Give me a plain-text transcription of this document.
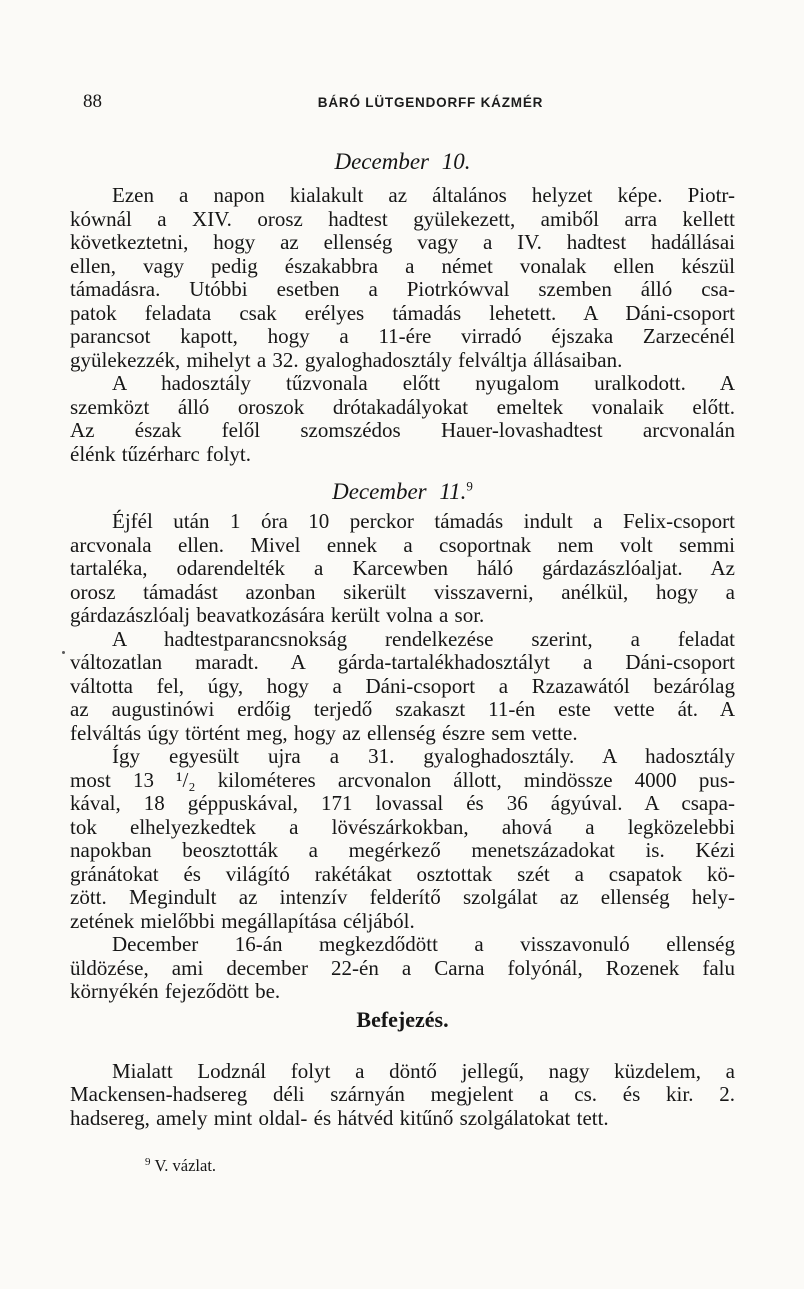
88	BÁRÓ LÜTGENDORFF KÁZMÉR
December 10.
Ezen a napon kialakult az általános helyzet képe. Piotr-
kównál a XIV. orosz hadtest gyülekezett, amiből arra kellett
következtetni, hogy az ellenség vagy a IV. hadtest hadállásai
ellen, vagy pedig északabbra a német vonalak ellen készül
támadásra. Utóbbi esetben a Piotrkówval szemben álló csa-
patok feladata csak erélyes támadás lehetett. A Dáni-csoport
parancsot kapott, hogy a 11-ére virradó éjszaka Zarzecénél
gyülekezzék, mihelyt a 32. gyaloghadosztály felváltja állásaiban.
A hadosztály tűzvonala előtt nyugalom uralkodott. A
szemközt álló oroszok drótakadályokat emeltek vonalaik előtt.
Az észak felől szomszédos Hauer-lovashadtest arcvonalán
élénk tűzérharc folyt.
December 11.$^9$
Éjfél után 1 óra 10 perckor támadás indult a Felix-csoport
arcvonala ellen. Mivel ennek a csoportnak nem volt semmi
tartaléka, odarendelték a Karcewben háló gárdazászlóaljat. Az
orosz támadást azonban sikerült visszaverni, anélkül, hogy a
gárdazászlóalj beavatkozására került volna a sor.
A hadtestparancsnokság rendelkezése szerint, a feladat
változatlan maradt. A gárda-tartalékhadosztályt a Dáni-csoport
váltotta fel, úgy, hogy a Dáni-csoport a Rzazawától bezárólag
az augustinówi erdőig terjedő szakaszt 11-én este vette át. A
felváltás úgy történt meg, hogy az ellenség észre sem vette.
Így egyesült ujra a 31. gyaloghadosztály. A hadosztály
most 13 ¹/₂ kilométeres arcvonalon állott, mindössze 4000 pus-
kával, 18 géppuskával, 171 lovassal és 36 ágyúval. A csapa-
tok elhelyezkedtek a lövészárkokban, ahová a legközelebbi
napokban beosztották a megérkező menetszázadokat is. Kézi
gránátokat és világító rakétákat osztottak szét a csapatok kö-
zött. Megindult az intenzív felderítő szolgálat az ellenség hely-
zetének mielőbbi megállapítása céljából.
December 16-án megkezdődött a visszavonuló ellenség
üldözése, ami december 22-én a Carna folyónál, Rozenek falu
környékén fejeződött be.
Befejezés.
Mialatt Lodznál folyt a döntő jellegű, nagy küzdelem, a
Mackensen-hadsereg déli szárnyán megjelent a cs. és kir. 2.
hadsereg, amely mint oldal- és hátvéd kitűnő szolgálatokat tett.
$^9$ V. vázlat.
